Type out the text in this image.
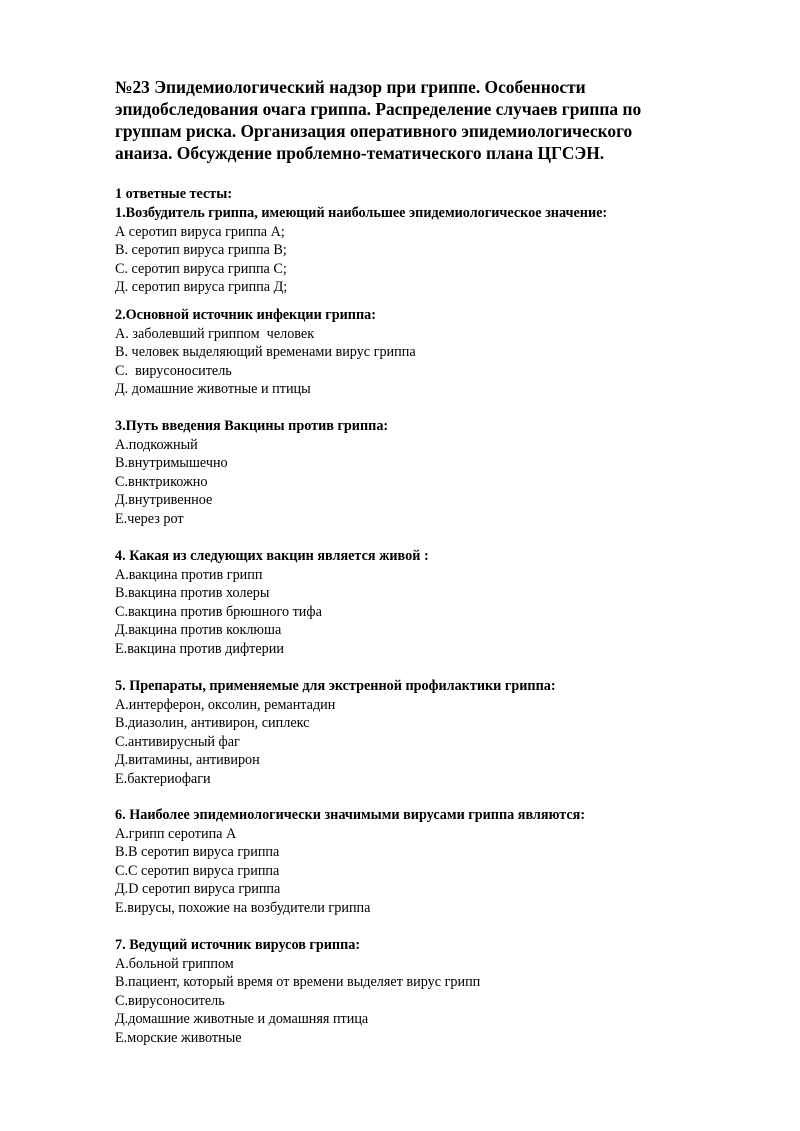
№23 Эпидемиологический надзор при гриппе. Особенности
эпидобследования очага гриппа. Распределение случаев гриппа по
группам риска. Организация оперативного эпидемиологического
анаиза. Обсуждение проблемно-тематического плана ЦГСЭН.
1 ответные тесты:
1.Возбудитель гриппа, имеющий наибольшее эпидемиологическое значение:
А серотип вируса гриппа А;
В. серотип вируса гриппа В;
С. серотип вируса гриппа С;
Д. серотип вируса гриппа Д;
2.Основной источник инфекции гриппа:
А. заболевший гриппом  человек
В. человек выделяющий временами вирус гриппа
С.  вирусоноситель
Д. домашние животные и птицы
3.Путь введения Вакцины против гриппа:
А.подкожный
В.внутримышечно
С.внктрикожно
Д.внутривенное
Е.через рот
4. Какая из следующих вакцин является живой :
А.вакцина против грипп
В.вакцина против холеры
С.вакцина против брюшного тифа
Д.вакцина против коклюша
Е.вакцина против дифтерии
5. Препараты, применяемые для экстренной профилактики гриппа:
А.интерферон, оксолин, ремантадин
В.диазолин, антивирон, сиплекс
С.антивирусный фаг
Д.витамины, антивирон
Е.бактериофаги
6. Наиболее эпидемиологически значимыми вирусами гриппа являются:
А.грипп серотипа А
В.В серотип вируса гриппа
С.С серотип вируса гриппа
Д.D серотип вируса гриппа
Е.вирусы, похожие на возбудители гриппа
7. Ведущий источник вирусов гриппа:
А.больной гриппом
В.пациент, который время от времени выделяет вирус грипп
С.вирусоноситель
Д.домашние животные и домашняя птица
Е.морские животные
